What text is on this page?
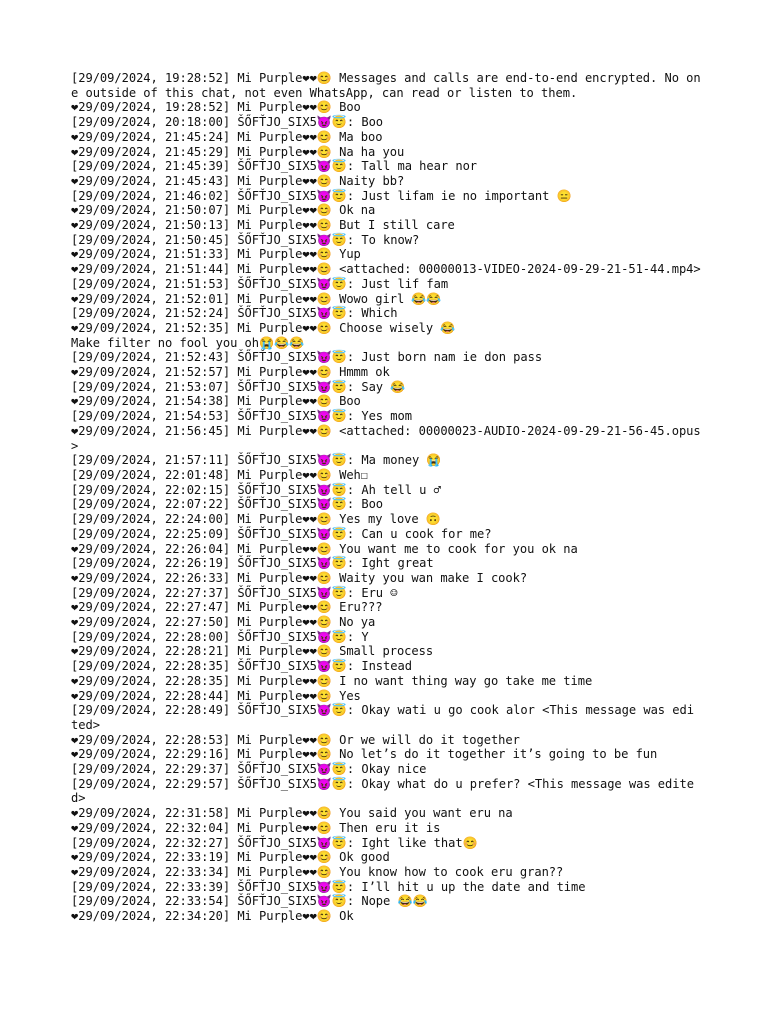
[29/09/2024, 19:28:52] Mi Purple❤❤😊 Messages and calls are end-to-end encrypted. No one outside of this chat, not even WhatsApp, can read or listen to them.
❤29/09/2024, 19:28:52] Mi Purple❤❤😊 Boo
[29/09/2024, 20:18:00] ŠŐFŤJO_SIX5😈😇: Boo
❤29/09/2024, 21:45:24] Mi Purple❤❤😊 Ma boo
❤29/09/2024, 21:45:29] Mi Purple❤❤😊 Na ha you
[29/09/2024, 21:45:39] ŠŐFŤJO_SIX5😈😇: Tall ma hear nor
❤29/09/2024, 21:45:43] Mi Purple❤❤😊 Naity bb?
[29/09/2024, 21:46:02] ŠŐFŤJO_SIX5😈😇: Just lifam ie no important 😑
❤29/09/2024, 21:50:07] Mi Purple❤❤😊 Ok na
❤29/09/2024, 21:50:13] Mi Purple❤❤😊 But I still care
[29/09/2024, 21:50:45] ŠŐFŤJO_SIX5😈😇: To know?
❤29/09/2024, 21:51:33] Mi Purple❤❤😊 Yup
❤29/09/2024, 21:51:44] Mi Purple❤❤😊 <attached: 00000013-VIDEO-2024-09-29-21-51-44.mp4>
[29/09/2024, 21:51:53] ŠŐFŤJO_SIX5😈😇: Just lif fam
❤29/09/2024, 21:52:01] Mi Purple❤❤😊 Wowo girl 😂😂
[29/09/2024, 21:52:24] ŠŐFŤJO_SIX5😈😇: Which
❤29/09/2024, 21:52:35] Mi Purple❤❤😊 Choose wisely 😂
Make filter no fool you oh😭😂😂
[29/09/2024, 21:52:43] ŠŐFŤJO_SIX5😈😇: Just born nam ie don pass
❤29/09/2024, 21:52:57] Mi Purple❤❤😊 Hmmm ok
[29/09/2024, 21:53:07] ŠŐFŤJO_SIX5😈😇: Say 😂
❤29/09/2024, 21:54:38] Mi Purple❤❤😊 Boo
[29/09/2024, 21:54:53] ŠŐFŤJO_SIX5😈😇: Yes mom
❤29/09/2024, 21:56:45] Mi Purple❤❤😊 <attached: 00000023-AUDIO-2024-09-29-21-56-45.opus>
[29/09/2024, 21:57:11] ŠŐFŤJO_SIX5😈😇: Ma money 😭
[29/09/2024, 22:01:48] Mi Purple❤❤😊 Weh☐
[29/09/2024, 22:02:15] ŠŐFŤJO_SIX5😈😇: Ah tell u ♂
[29/09/2024, 22:07:22] ŠŐFŤJO_SIX5😈😇: Boo
[29/09/2024, 22:24:00] Mi Purple❤❤😊 Yes my love 🙃
[29/09/2024, 22:25:09] ŠŐFŤJO_SIX5😈😇: Can u cook for me?
❤29/09/2024, 22:26:04] Mi Purple❤❤😊 You want me to cook for you ok na
[29/09/2024, 22:26:19] ŠŐFŤJO_SIX5😈😇: Ight great
❤29/09/2024, 22:26:33] Mi Purple❤❤😊 Waity you wan make I cook?
[29/09/2024, 22:27:37] ŠŐFŤJO_SIX5😈😇: Eru ☺
❤29/09/2024, 22:27:47] Mi Purple❤❤😊 Eru???
❤29/09/2024, 22:27:50] Mi Purple❤❤😊 No ya
[29/09/2024, 22:28:00] ŠŐFŤJO_SIX5😈😇: Y
❤29/09/2024, 22:28:21] Mi Purple❤❤😊 Small process
[29/09/2024, 22:28:35] ŠŐFŤJO_SIX5😈😇: Instead
❤29/09/2024, 22:28:35] Mi Purple❤❤😊 I no want thing way go take me time
❤29/09/2024, 22:28:44] Mi Purple❤❤😊 Yes
[29/09/2024, 22:28:49] ŠŐFŤJO_SIX5😈😇: Okay wati u go cook alor <This message was edited>
❤29/09/2024, 22:28:53] Mi Purple❤❤😊 Or we will do it together
❤29/09/2024, 22:29:16] Mi Purple❤❤😊 No let’s do it together it’s going to be fun
[29/09/2024, 22:29:37] ŠŐFŤJO_SIX5😈😇: Okay nice
[29/09/2024, 22:29:57] ŠŐFŤJO_SIX5😈😇: Okay what do u prefer? <This message was edited>
❤29/09/2024, 22:31:58] Mi Purple❤❤😊 You said you want eru na
❤29/09/2024, 22:32:04] Mi Purple❤❤😊 Then eru it is
[29/09/2024, 22:32:27] ŠŐFŤJO_SIX5😈😇: Ight like that😊
❤29/09/2024, 22:33:19] Mi Purple❤❤😊 Ok good
❤29/09/2024, 22:33:34] Mi Purple❤❤😊 You know how to cook eru gran??
[29/09/2024, 22:33:39] ŠŐFŤJO_SIX5😈😇: I’ll hit u up the date and time
[29/09/2024, 22:33:54] ŠŐFŤJO_SIX5😈😇: Nope 😂😂
❤29/09/2024, 22:34:20] Mi Purple❤❤😊 Ok
